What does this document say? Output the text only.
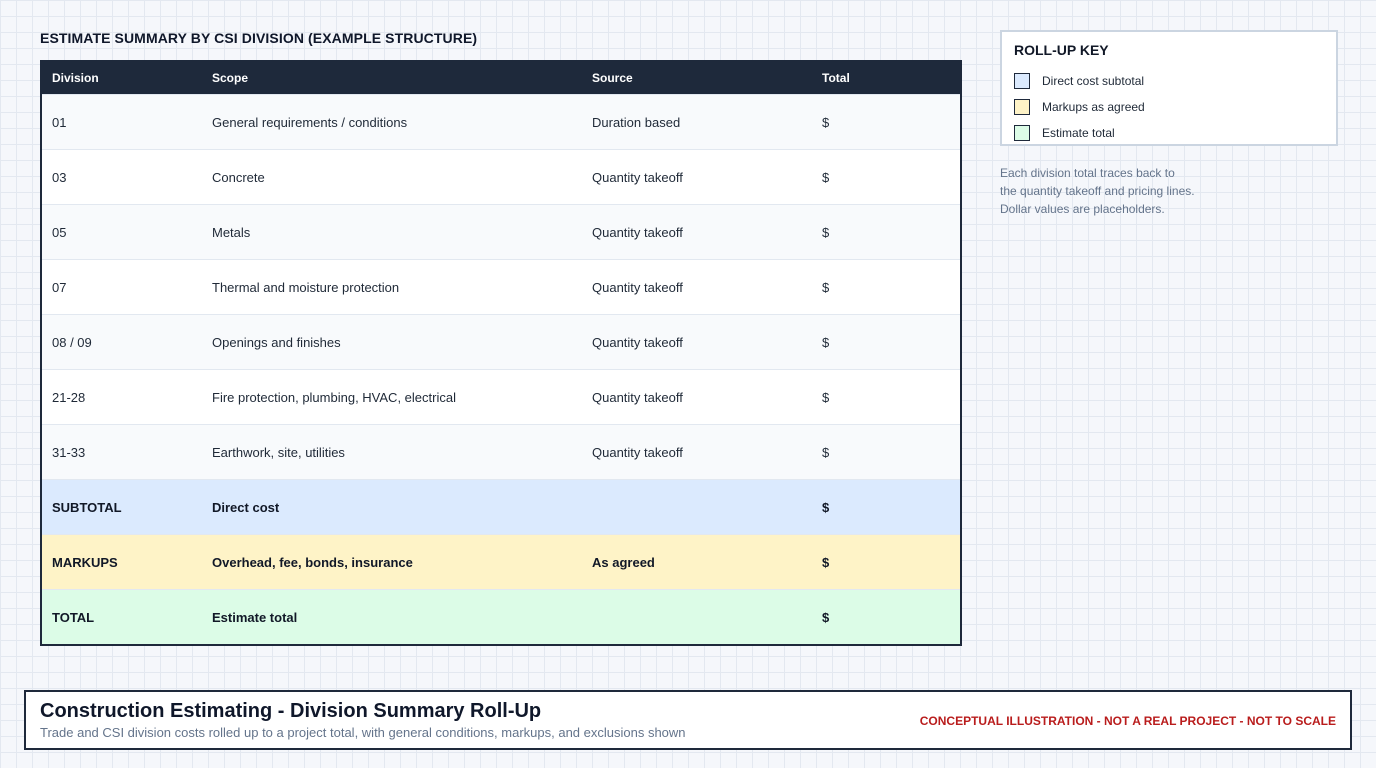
ESTIMATE SUMMARY BY CSI DIVISION (EXAMPLE STRUCTURE)
Division	Scope	Source	Total
01	General requirements / conditions	Duration based	$
03	Concrete	Quantity takeoff	$
05	Metals	Quantity takeoff	$
07	Thermal and moisture protection	Quantity takeoff	$
08 / 09	Openings and finishes	Quantity takeoff	$
21-28	Fire protection, plumbing, HVAC, electrical	Quantity takeoff	$
31-33	Earthwork, site, utilities	Quantity takeoff	$
SUBTOTAL	Direct cost		$
MARKUPS	Overhead, fee, bonds, insurance	As agreed	$
TOTAL	Estimate total		$
ROLL-UP KEY
Direct cost subtotal
Markups as agreed
Estimate total
Each division total traces back to
the quantity takeoff and pricing lines.
Dollar values are placeholders.
Construction Estimating - Division Summary Roll-Up
Trade and CSI division costs rolled up to a project total, with general conditions, markups, and exclusions shown
CONCEPTUAL ILLUSTRATION - NOT A REAL PROJECT - NOT TO SCALE
